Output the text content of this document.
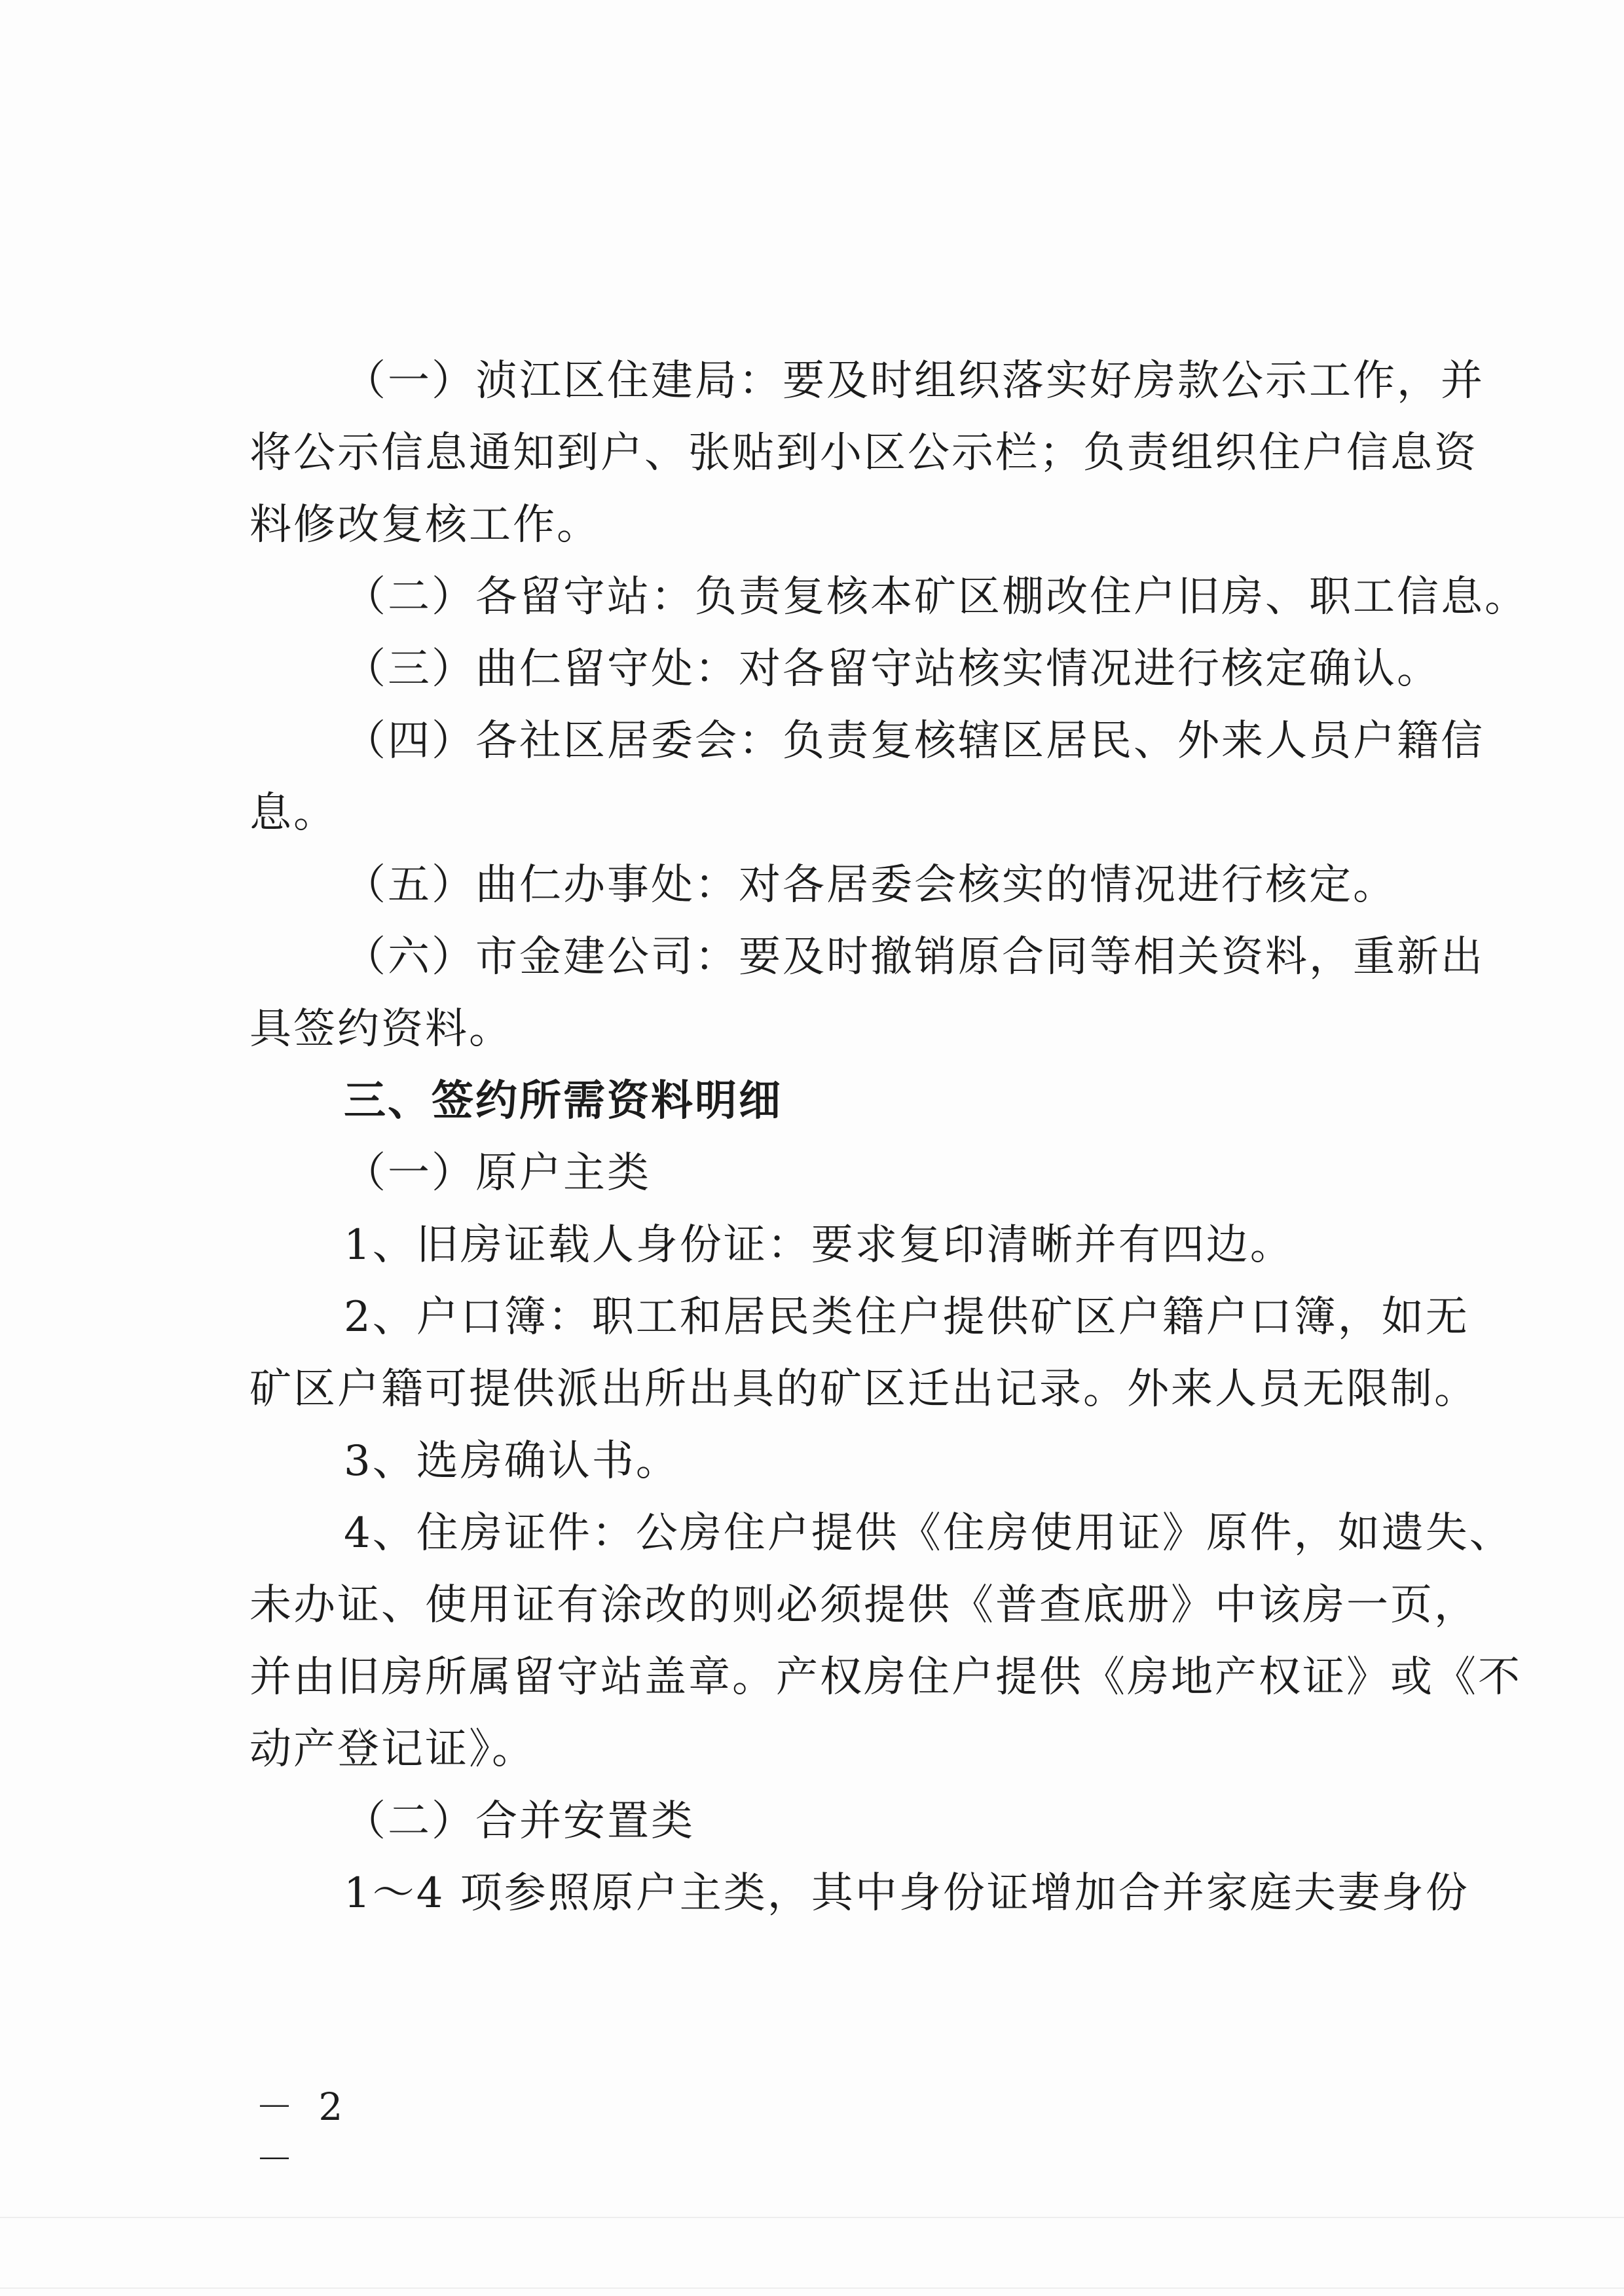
（一）浈江区住建局：要及时组织落实好房款公示工作，并
将公示信息通知到户、张贴到小区公示栏；负责组织住户信息资
料修改复核工作。
（二）各留守站：负责复核本矿区棚改住户旧房、职工信息。
（三）曲仁留守处：对各留守站核实情况进行核定确认。
（四）各社区居委会：负责复核辖区居民、外来人员户籍信
息。
（五）曲仁办事处：对各居委会核实的情况进行核定。
（六）市金建公司：要及时撤销原合同等相关资料，重新出
具签约资料。
三、签约所需资料明细
（一）原户主类
1、旧房证载人身份证：要求复印清晰并有四边。
2、户口簿：职工和居民类住户提供矿区户籍户口簿，如无
矿区户籍可提供派出所出具的矿区迁出记录。外来人员无限制。
3、选房确认书。
4、住房证件：公房住户提供《住房使用证》原件，如遗失、
未办证、使用证有涂改的则必须提供《普查底册》中该房一页，
并由旧房所属留守站盖章。产权房住户提供《房地产权证》或《不
动产登记证》。
（二）合并安置类
1～4 项参照原户主类，其中身份证增加合并家庭夫妻身份
－ 2 －
